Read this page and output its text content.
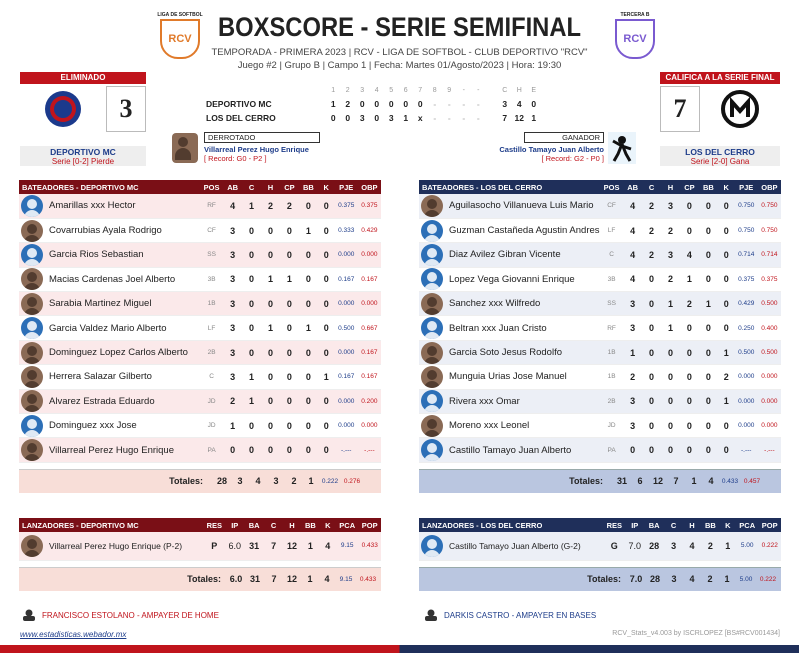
LIGA DE SOFTBOL
RCV
TERCERA B
RCV
BOXSCORE - SERIE SEMIFINAL
TEMPORADA - PRIMERA 2023 | RCV - LIGA DE SOFTBOL - CLUB DEPORTIVO "RCV"
Juego #2 | Grupo B | Campo 1 | Fecha: Martes 01/Agosto/2023 | Hora: 19:30
ELIMINADO
3
DEPORTIVO MC
Serie [0-2] Pierde
CALIFICA A LA SERIE FINAL
7
LOS DEL CERRO
Serie [2-0] Gana
1	2	3	4	5	6	7	8	9	-	-	C	H	E
DEPORTIVO MC	1	2	0	0	0	0	0	-	-	-	-	3	4	0
LOS DEL CERRO	0	0	3	0	3	1	x	-	-	-	-	7 12 1
DERROTADO
Villarreal Perez Hugo Enrique
[ Record: G0 - P2 ]
GANADOR
Castillo Tamayo Juan Alberto
[ Record: G2 - P0 ]
BATEADORES - DEPORTIVO MC	POS	AB	C	H	CP	BB	K	PJE	OBP

Amarillas xxx Hector	RF	4	1	2	2	0	0	0.375	0.375

Covarrubias Ayala Rodrigo	CF	3	0	0	0	1	0	0.333	0.429

Garcia Rios Sebastian	SS	3	0	0	0	0	0	0.000	0.000

Macias Cardenas Joel Alberto	3B	3	0	1	1	0	0	0.167	0.167

Sarabia Martinez Miguel	1B	3	0	0	0	0	0	0.000	0.000

Garcia Valdez Mario Alberto	LF	3	0	1	0	1	0	0.500	0.667

Dominguez Lopez Carlos Alberto	2B	3	0	0	0	0	0	0.000	0.167

Herrera Salazar Gilberto	C	3	1	0	0	0	1	0.167	0.167

Alvarez Estrada Eduardo	JD	2	1	0	0	0	0	0.000	0.200

Dominguez xxx Jose	JD	1	0	0	0	0	0	0.000	0.000

Villarreal Perez Hugo Enrique	PA	0	0	0	0	0	0	-.---	-.---
Totales:	28	3	4	3	2	1	0.222 0.276
BATEADORES - LOS DEL CERRO	POS	AB	C	H	CP	BB	K	PJE	OBP

Aguilasocho Villanueva Luis Mario	CF	4	2	3	0	0	0	0.750	0.750

Guzman Castañeda Agustin Andres	LF	4	2	2	0	0	0	0.750	0.750

Diaz Avilez Gibran Vicente	C	4	2	3	4	0	0	0.714	0.714

Lopez Vega Giovanni Enrique	3B	4	0	2	1	0	0	0.375	0.375

Sanchez xxx Wilfredo	SS	3	0	1	2	1	0	0.429	0.500

Beltran xxx Juan Cristo	RF	3	0	1	0	0	0	0.250	0.400

Garcia Soto Jesus Rodolfo	1B	1	0	0	0	0	1	0.500	0.500

Munguia Urias Jose Manuel	1B	2	0	0	0	0	2	0.000	0.000

Rivera xxx Omar	2B	3	0	0	0	0	1	0.000	0.000

Moreno xxx Leonel	JD	3	0	0	0	0	0	0.000	0.000

Castillo Tamayo Juan Alberto	PA	0	0	0	0	0	0	-.---	-.---
Totales:	31	6	12	7	1	4	0.433 0.457
LANZADORES - DEPORTIVO MC	RES	IP	BA	C	H	BB	K	PCA	POP

Villarreal Perez Hugo Enrique (P-2)	P	6.0	31	7	12	1	4	9.15	0.433
Totales: 6.0 31	7	12	1	4	9.15	0.433
LANZADORES - LOS DEL CERRO	RES	IP	BA	C	H	BB	K	PCA	POP

Castillo Tamayo Juan Alberto (G-2)	G	7.0	28	3	4	2	1	5.00	0.222
Totales: 7.0 28	3	4	2	1	5.00	0.222
FRANCISCO ESTOLANO - AMPAYER DE HOME	DARKIS CASTRO - AMPAYER EN BASES
www.estadisticas.webador.mx	RCV_Stats_v4.003 by ISCRLOPEZ [BS#RCV001434]
